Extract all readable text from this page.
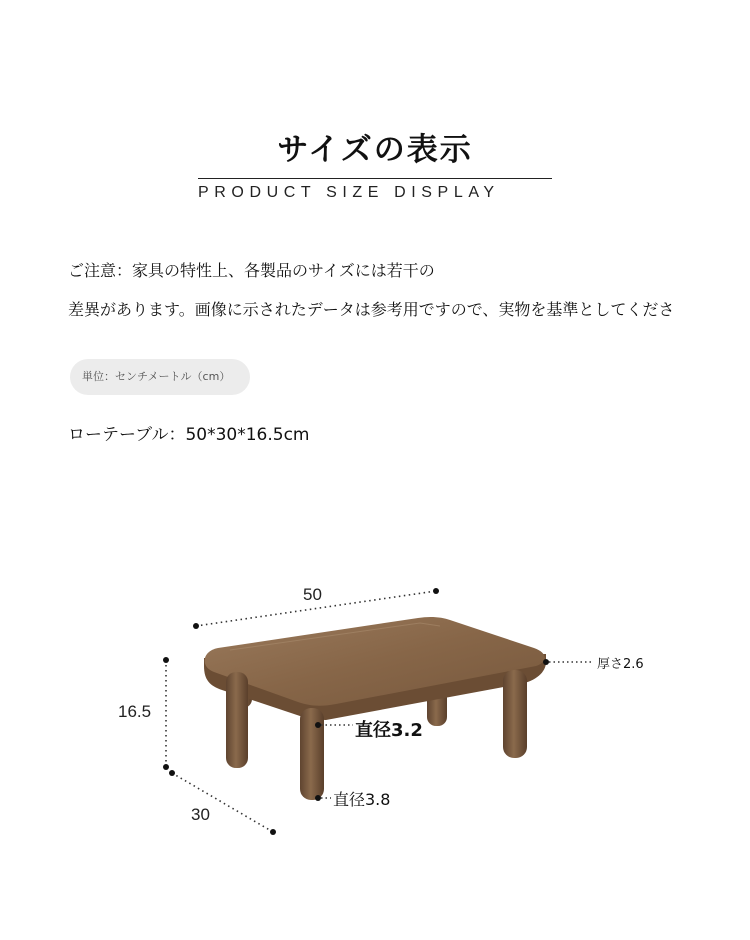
サイズの表示
PRODUCT SIZE DISPLAY
ご注意：家具の特性上、各製品のサイズには若干の
差異があります。画像に示されたデータは参考用ですので、実物を基準としてくださ
単位：センチメートル（cm）
ローテーブル：50*30*16.5cm
50
16.5
30
厚さ2.6
直径3.2
直径3.8
